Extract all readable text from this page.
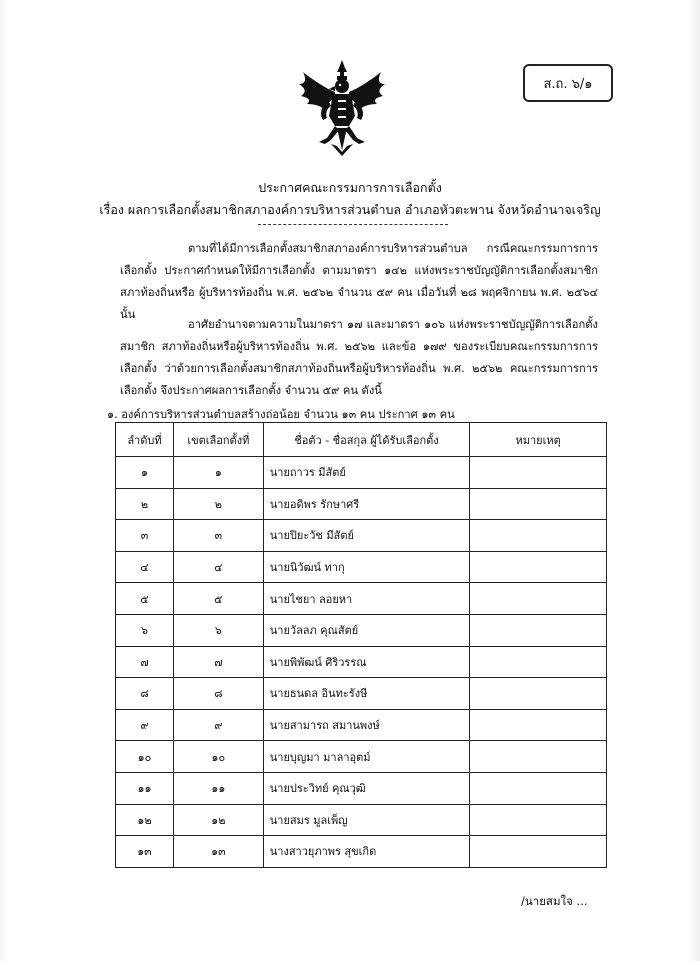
ส.ถ. ๖/๑
ประกาศคณะกรรมการการเลือกตั้ง
เรื่อง ผลการเลือกตั้งสมาชิกสภาองค์การบริหารส่วนตำบล อำเภอหัวตะพาน จังหวัดอำนาจเจริญ
ตามที่ได้มีการเลือกตั้งสมาชิกสภาองค์การบริหารส่วนตำบล กรณีคณะกรรมการการเลือกตั้ง ประกาศกำหนดให้มีการเลือกตั้ง ตามมาตรา ๑๔๒ แห่งพระราชบัญญัติการเลือกตั้งสมาชิกสภาท้องถิ่นหรือ ผู้บริหารท้องถิ่น พ.ศ. ๒๕๖๒ จำนวน ๕๙ คน เมื่อวันที่ ๒๘ พฤศจิกายน พ.ศ. ๒๕๖๔ นั้น
อาศัยอำนาจตามความในมาตรา ๑๗ และมาตรา ๑๐๖ แห่งพระราชบัญญัติการเลือกตั้งสมาชิก สภาท้องถิ่นหรือผู้บริหารท้องถิ่น พ.ศ. ๒๕๖๒ และข้อ ๑๗๙ ของระเบียบคณะกรรมการการเลือกตั้ง ว่าด้วยการเลือกตั้งสมาชิกสภาท้องถิ่นหรือผู้บริหารท้องถิ่น พ.ศ. ๒๕๖๒ คณะกรรมการการเลือกตั้ง จึงประกาศผลการเลือกตั้ง จำนวน ๕๙ คน ดังนี้
๑. องค์การบริหารส่วนตำบลสร้างถ่อน้อย จำนวน ๑๓ คน ประกาศ ๑๓ คน
ลำดับที่	เขตเลือกตั้งที่	ชื่อตัว - ชื่อสกุล ผู้ได้รับเลือกตั้ง	หมายเหตุ
๑	๑	นายถาวร มีสัตย์	
๒	๒	นายอดิพร รักษาศรี	
๓	๓	นายปิยะวัช มีสัตย์	
๔	๔	นายนิวัฒน์ ทากุ	
๕	๕	นายไชยา ลอยหา	
๖	๖	นายวัลลภ คุณสัตย์	
๗	๗	นายพิพัฒน์ ศิริวรรณ	
๘	๘	นายธนดล อินทะรังษี	
๙	๙	นายสามารถ สมานพงษ์	
๑๐	๑๐	นายบุญมา มาลาอุตม์	
๑๑	๑๑	นายประวิทย์ คุณวุฒิ	
๑๒	๑๒	นายสมร มูลเพ็ญ	
๑๓	๑๓	นางสาวยุภาพร สุขเกิด	
/นายสมใจ ...
